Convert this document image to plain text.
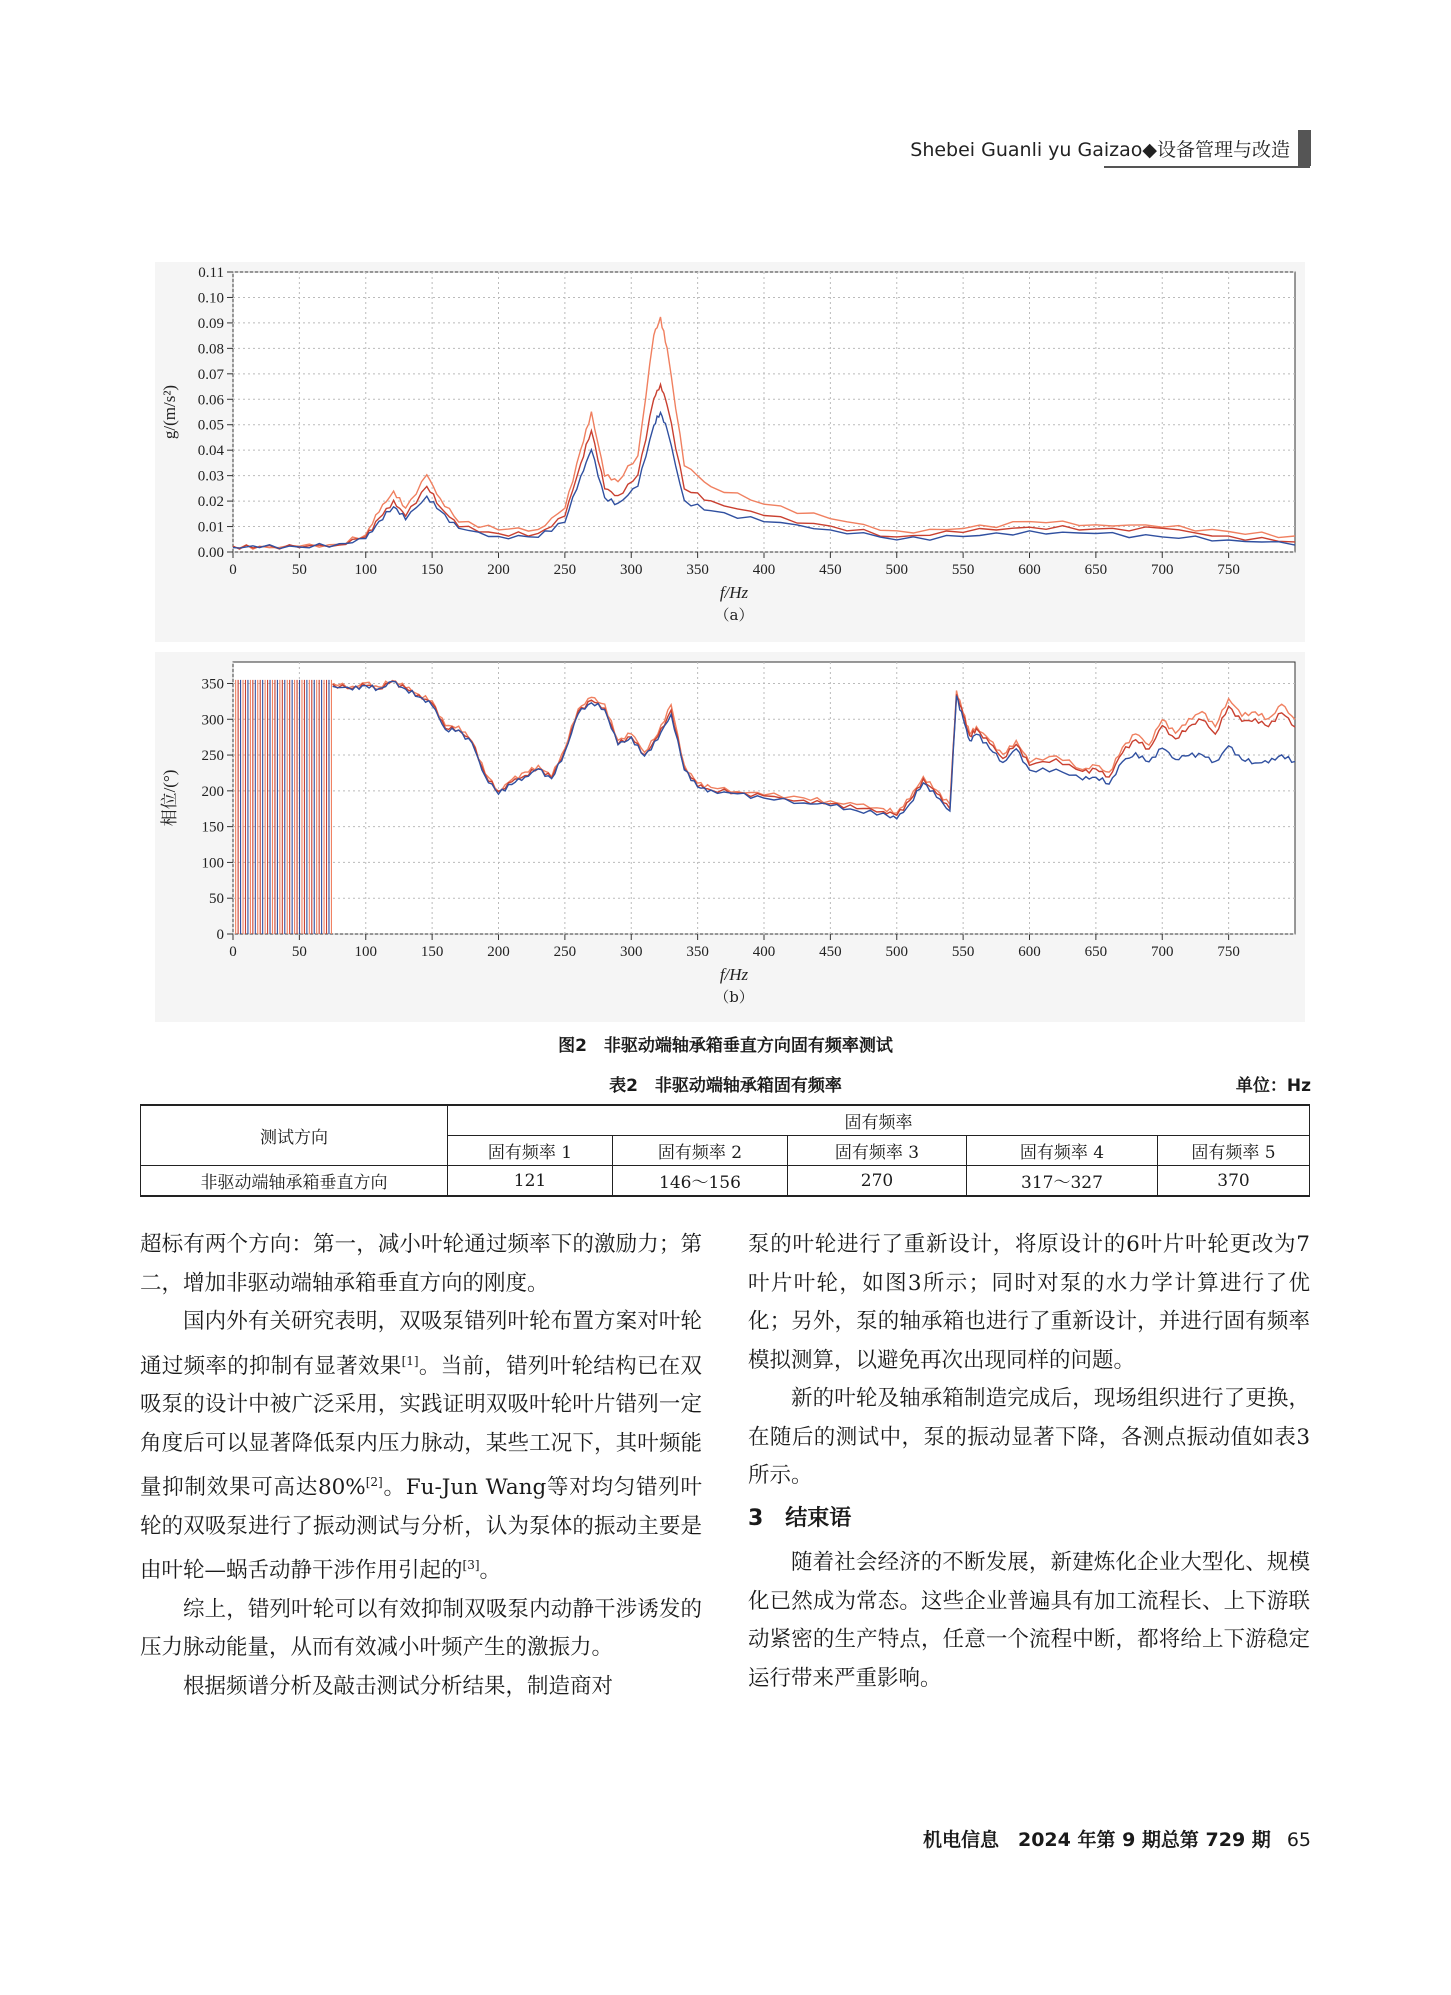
Shebei Guanli yu Gaizao◆设备管理与改造
0	50	100	150	200	250	300	350	400	450	500	550	600	650	700	750
0.00
0.01
0.02
0.03
0.04
0.05
0.06
0.07
0.08
0.09
0.10
0.11
f/Hz
（a）
g/(m/s²)
0	50	100	150	200	250	300	350	400	450	500	550	600	650	700	750
0
50
100
150
200
250
300
350
f/Hz
（b）
相位/(°)
图2　非驱动端轴承箱垂直方向固有频率测试
表2　非驱动端轴承箱固有频率	单位：Hz
测试方向	固有频率				
	固有频率 1	固有频率 2	固有频率 3	固有频率 4	固有频率 5
非驱动端轴承箱垂直方向	121	146～156	270	317～327	370

超标有两个方向：第一，减小叶轮通过频率下的激励力；第二，增加非驱动端轴承箱垂直方向的刚度。

国内外有关研究表明，双吸泵错列叶轮布置方案对叶轮通过频率的抑制有显著效果[1]。当前，错列叶轮结构已在双吸泵的设计中被广泛采用，实践证明双吸叶轮叶片错列一定角度后可以显著降低泵内压力脉动，某些工况下，其叶频能量抑制效果可高达80%[2]。Fu-Jun Wang等对均匀错列叶轮的双吸泵进行了振动测试与分析，认为泵体的振动主要是由叶轮—蜗舌动静干涉作用引起的[3]。

综上，错列叶轮可以有效抑制双吸泵内动静干涉诱发的压力脉动能量，从而有效减小叶频产生的激振力。

根据频谱分析及敲击测试分析结果，制造商对

泵的叶轮进行了重新设计，将原设计的6叶片叶轮更改为7叶片叶轮，如图3所示；同时对泵的水力学计算进行了优化；另外，泵的轴承箱也进行了重新设计，并进行固有频率模拟测算，以避免再次出现同样的问题。

新的叶轮及轴承箱制造完成后，现场组织进行了更换，在随后的测试中，泵的振动显著下降，各测点振动值如表3所示。

3　结束语

随着社会经济的不断发展，新建炼化企业大型化、规模化已然成为常态。这些企业普遍具有加工流程长、上下游联动紧密的生产特点，任意一个流程中断，都将给上下游稳定运行带来严重影响。

机电信息　2024 年第 9 期总第 729 期 65
